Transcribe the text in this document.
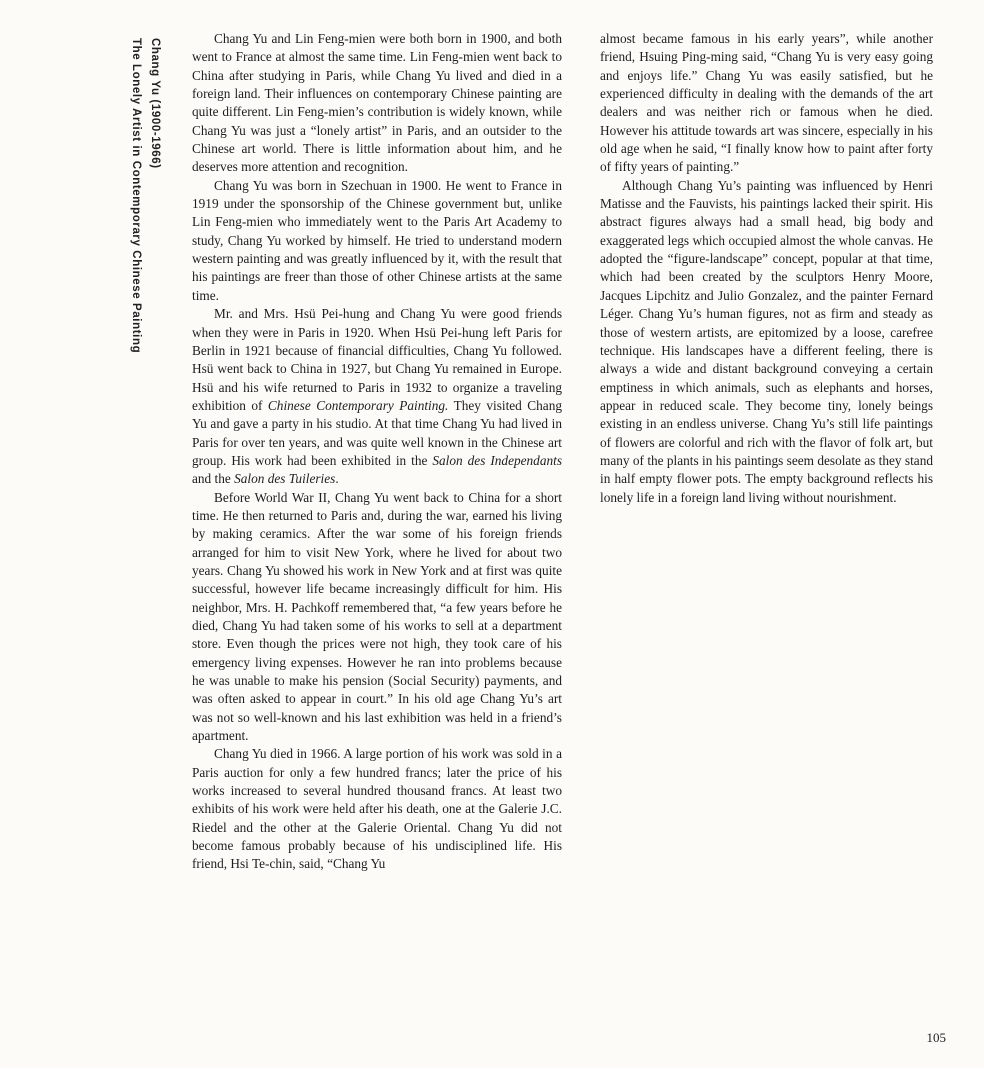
Chang Yu (1900-1966)
The Lonely Artist in Contemporary Chinese Painting	Chang Yu and Lin Feng-mien were both born in 1900, and both went to France at almost the same time. Lin Feng-mien went back to China after studying in Paris, while Chang Yu lived and died in a foreign land. Their influences on contemporary Chinese painting are quite different. Lin Feng-mien’s contribution is widely known, while Chang Yu was just a “lonely artist” in Paris, and an outsider to the Chinese art world. There is little information about him, and he deserves more attention and recognition.

Chang Yu was born in Szechuan in 1900. He went to France in 1919 under the sponsorship of the Chinese government but, unlike Lin Feng-mien who immediately went to the Paris Art Academy to study, Chang Yu worked by himself. He tried to understand modern western painting and was greatly influenced by it, with the result that his paintings are freer than those of other Chinese artists at the same time.

Mr. and Mrs. Hsü Pei-hung and Chang Yu were good friends when they were in Paris in 1920. When Hsü Pei-hung left Paris for Berlin in 1921 because of financial difficulties, Chang Yu followed. Hsü went back to China in 1927, but Chang Yu remained in Europe. Hsü and his wife returned to Paris in 1932 to organize a traveling exhibition of Chinese Contemporary Painting. They visited Chang Yu and gave a party in his studio. At that time Chang Yu had lived in Paris for over ten years, and was quite well known in the Chinese art group. His work had been exhibited in the Salon des Independants and the Salon des Tuileries.

Before World War II, Chang Yu went back to China for a short time. He then returned to Paris and, during the war, earned his living by making ceramics. After the war some of his foreign friends arranged for him to visit New York, where he lived for about two years. Chang Yu showed his work in New York and at first was quite successful, however life became increasingly difficult for him. His neighbor, Mrs. H. Pachkoff remembered that, “a few years before he died, Chang Yu had taken some of his works to sell at a department store. Even though the prices were not high, they took care of his emergency living expenses. However he ran into problems because he was unable to make his pension (Social Security) payments, and was often asked to appear in court.” In his old age Chang Yu’s art was not so well-known and his last exhibition was held in a friend’s apartment.

Chang Yu died in 1966. A large portion of his work was sold in a Paris auction for only a few hundred francs; later the price of his works increased to several hundred thousand francs. At least two exhibits of his work were held after his death, one at the Galerie J.C. Riedel and the other at the Galerie Oriental. Chang Yu did not become famous probably because of his undisciplined life. His friend, Hsi Te-chin, said, “Chang Yu

almost became famous in his early years”, while another friend, Hsuing Ping-ming said, “Chang Yu is very easy going and enjoys life.” Chang Yu was easily satisfied, but he experienced difficulty in dealing with the demands of the art dealers and was neither rich or famous when he died. However his attitude towards art was sincere, especially in his old age when he said, “I finally know how to paint after forty of fifty years of painting.”

Although Chang Yu’s painting was influenced by Henri Matisse and the Fauvists, his paintings lacked their spirit. His abstract figures always had a small head, big body and exaggerated legs which occupied almost the whole canvas. He adopted the “figure-landscape” concept, popular at that time, which had been created by the sculptors Henry Moore, Jacques Lipchitz and Julio Gonzalez, and the painter Fernard Léger. Chang Yu’s human figures, not as firm and steady as those of western artists, are epitomized by a loose, carefree technique. His landscapes have a different feeling, there is always a wide and distant background conveying a certain emptiness in which animals, such as elephants and horses, appear in reduced scale. They become tiny, lonely beings existing in an endless universe. Chang Yu’s still life paintings of flowers are colorful and rich with the flavor of folk art, but many of the plants in his paintings seem desolate as they stand in half empty flower pots. The empty background reflects his lonely life in a foreign land living without nourishment.

105
